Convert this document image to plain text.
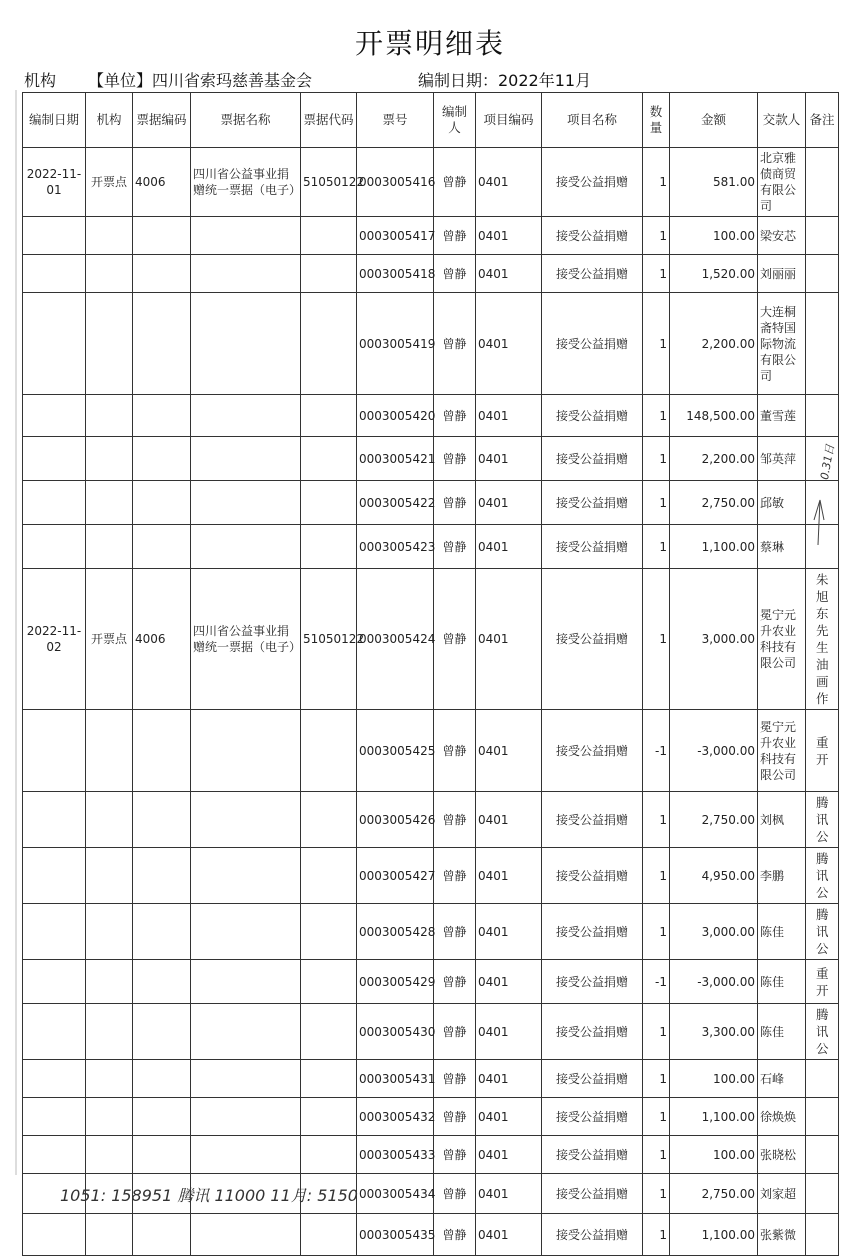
开票明细表
机构 【单位】四川省索玛慈善基金会	编制日期：2022年11月
编制日期	机构	票据编码	票据名称	票据代码	票号	编制人	项目编码	项目名称	数量	金额	交款人	备注
2022-11-01	开票点	4006	四川省公益事业捐赠统一票据（电子）	51050122	0003005416	曾静	0401	接受公益捐赠	1	581.00	北京雅债商贸有限公司	

					0003005417	曾静	0401	接受公益捐赠	1	100.00	梁安芯	

					0003005418	曾静	0401	接受公益捐赠	1	1,520.00	刘丽丽	

					0003005419	曾静	0401	接受公益捐赠	1	2,200.00	大连桐斋特国际物流有限公司	

					0003005420	曾静	0401	接受公益捐赠	1	148,500.00	董雪莲	

					0003005421	曾静	0401	接受公益捐赠	1	2,200.00	邹英萍	

					0003005422	曾静	0401	接受公益捐赠	1	2,750.00	邱敏	

					0003005423	曾静	0401	接受公益捐赠	1	1,100.00	蔡琳	

2022-11-02	开票点	4006	四川省公益事业捐赠统一票据（电子）	51050122	0003005424	曾静	0401	接受公益捐赠	1	3,000.00	冕宁元升农业科技有限公司	朱旭东先生油画作

					0003005425	曾静	0401	接受公益捐赠	-1	-3,000.00	冕宁元升农业科技有限公司	重开

					0003005426	曾静	0401	接受公益捐赠	1	2,750.00	刘枫	腾讯公

					0003005427	曾静	0401	接受公益捐赠	1	4,950.00	李鹏	腾讯公

					0003005428	曾静	0401	接受公益捐赠	1	3,000.00	陈佳	腾讯公

					0003005429	曾静	0401	接受公益捐赠	-1	-3,000.00	陈佳	重开

					0003005430	曾静	0401	接受公益捐赠	1	3,300.00	陈佳	腾讯公

					0003005431	曾静	0401	接受公益捐赠	1	100.00	石峰	

					0003005432	曾静	0401	接受公益捐赠	1	1,100.00	徐焕焕	

					0003005433	曾静	0401	接受公益捐赠	1	100.00	张晓松	

					0003005434	曾静	0401	接受公益捐赠	1	2,750.00	刘家超	

					0003005435	曾静	0401	接受公益捐赠	1	1,100.00	张紫微	
1051: 158951 腾讯 11000 11月: 5150
0.31日
